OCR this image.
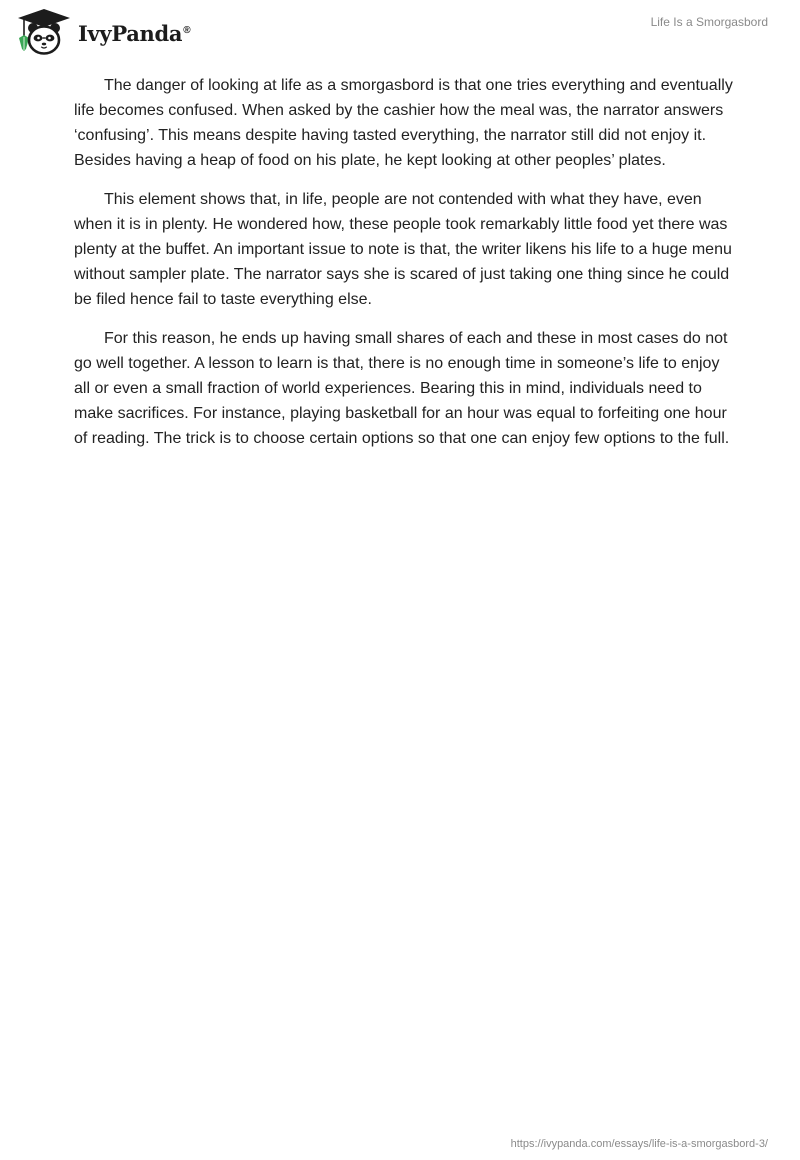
IvyPanda®
Life Is a Smorgasbord

The danger of looking at life as a smorgasbord is that one tries everything and eventually life becomes confused. When asked by the cashier how the meal was, the narrator answers ‘confusing’. This means despite having tasted everything, the narrator still did not enjoy it. Besides having a heap of food on his plate, he kept looking at other peoples’ plates.

This element shows that, in life, people are not contended with what they have, even when it is in plenty. He wondered how, these people took remarkably little food yet there was plenty at the buffet. An important issue to note is that, the writer likens his life to a huge menu without sampler plate. The narrator says she is scared of just taking one thing since he could be filed hence fail to taste everything else.

For this reason, he ends up having small shares of each and these in most cases do not go well together. A lesson to learn is that, there is no enough time in someone’s life to enjoy all or even a small fraction of world experiences. Bearing this in mind, individuals need to make sacrifices. For instance, playing basketball for an hour was equal to forfeiting one hour of reading. The trick is to choose certain options so that one can enjoy few options to the full.

https://ivypanda.com/essays/life-is-a-smorgasbord-3/
